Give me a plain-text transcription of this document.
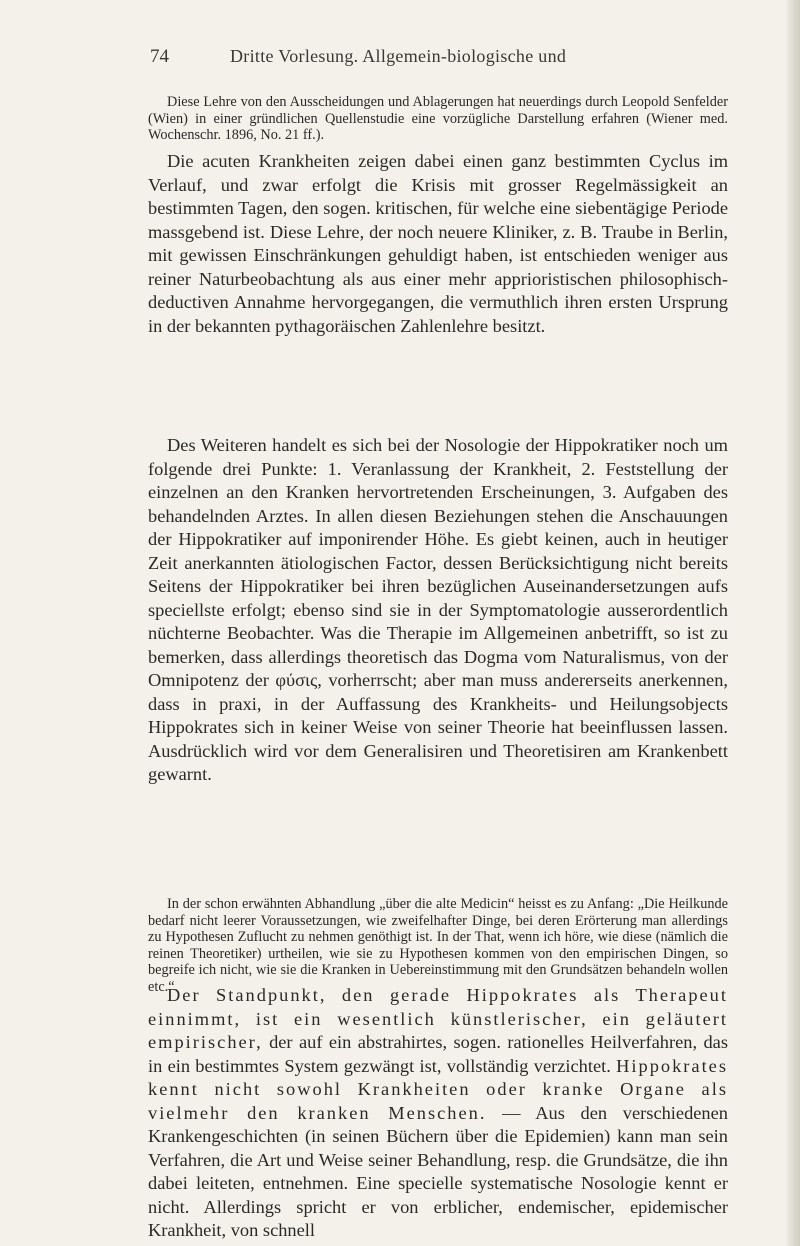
74	Dritte Vorlesung. Allgemein-biologische und

Diese Lehre von den Ausscheidungen und Ablagerungen hat neuerdings durch Leopold Senfelder (Wien) in einer gründlichen Quellenstudie eine vorzügliche Darstellung erfahren (Wiener med. Wochenschr. 1896, No. 21 ff.).

Die acuten Krankheiten zeigen dabei einen ganz bestimmten Cyclus im Verlauf, und zwar erfolgt die Krisis mit grosser Regelmässigkeit an bestimmten Tagen, den sogen. kritischen, für welche eine siebentägige Periode massgebend ist. Diese Lehre, der noch neuere Kliniker, z. B. Traube in Berlin, mit gewissen Einschränkungen gehuldigt haben, ist entschieden weniger aus reiner Naturbeobachtung als aus einer mehr apprioristischen philosophisch-deductiven Annahme hervorgegangen, die vermuthlich ihren ersten Ursprung in der bekannten pythagoräischen Zahlenlehre besitzt.

Des Weiteren handelt es sich bei der Nosologie der Hippokratiker noch um folgende drei Punkte: 1. Veranlassung der Krankheit, 2. Feststellung der einzelnen an den Kranken hervortretenden Erscheinungen, 3. Aufgaben des behandelnden Arztes. In allen diesen Beziehungen stehen die Anschauungen der Hippokratiker auf imponirender Höhe. Es giebt keinen, auch in heutiger Zeit anerkannten ätiologischen Factor, dessen Berücksichtigung nicht bereits Seitens der Hippokratiker bei ihren bezüglichen Auseinandersetzungen aufs speciellste erfolgt; ebenso sind sie in der Symptomatologie ausserordentlich nüchterne Beobachter. Was die Therapie im Allgemeinen anbetrifft, so ist zu bemerken, dass allerdings theoretisch das Dogma vom Naturalismus, von der Omnipotenz der φύσις, vorherrscht; aber man muss andererseits anerkennen, dass in praxi, in der Auffassung des Krankheits- und Heilungsobjects Hippokrates sich in keiner Weise von seiner Theorie hat beeinflussen lassen. Ausdrücklich wird vor dem Generalisiren und Theoretisiren am Krankenbett gewarnt.

In der schon erwähnten Abhandlung „über die alte Medicin“ heisst es zu Anfang: „Die Heilkunde bedarf nicht leerer Voraussetzungen, wie zweifelhafter Dinge, bei deren Erörterung man allerdings zu Hypothesen Zuflucht zu nehmen genöthigt ist. In der That, wenn ich höre, wie diese (nämlich die reinen Theoretiker) urtheilen, wie sie zu Hypothesen kommen von den empirischen Dingen, so begreife ich nicht, wie sie die Kranken in Uebereinstimmung mit den Grundsätzen behandeln wollen etc.“.

Der Standpunkt, den gerade Hippokrates als Therapeut einnimmt, ist ein wesentlich künstlerischer, ein geläutert empirischer, der auf ein abstrahirtes, sogen. rationelles Heilverfahren, das in ein bestimmtes System gezwängt ist, vollständig verzichtet. Hippokrates kennt nicht sowohl Krankheiten oder kranke Organe als vielmehr den kranken Menschen. — Aus den verschiedenen Krankengeschichten (in seinen Büchern über die Epidemien) kann man sein Verfahren, die Art und Weise seiner Behandlung, resp. die Grundsätze, die ihn dabei leiteten, entnehmen. Eine specielle systematische Nosologie kennt er nicht. Allerdings spricht er von erblicher, endemischer, epidemischer Krankheit, von schnell
